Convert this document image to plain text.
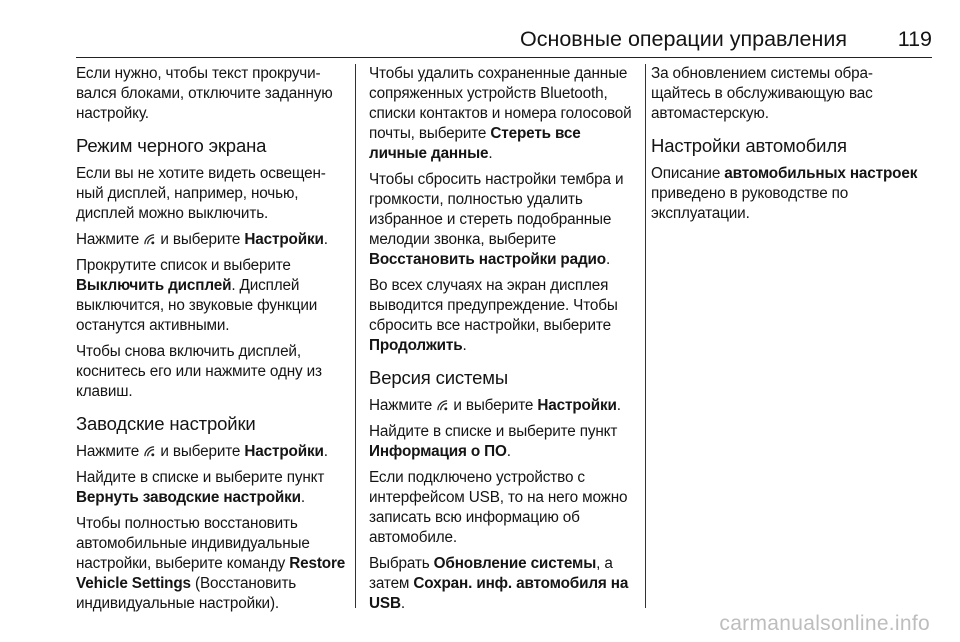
Основные операции управления 119

Если нужно, чтобы текст прокручивался блоками, отключите заданную настройку.

Режим черного экрана

Если вы не хотите видеть освещенный дисплей, например, ночью, дисплей можно выключить.

Нажмите
и выберите Настройки.

Прокрутите список и выберите Выключить дисплей. Дисплей выключится, но звуковые функции останутся активными.

Чтобы снова включить дисплей, коснитесь его или нажмите одну из клавиш.

Заводские настройки

Нажмите
и выберите Настройки.

Найдите в списке и выберите пункт Вернуть заводские настройки.

Чтобы полностью восстановить автомобильные индивидуальные настройки, выберите команду Restore Vehicle Settings (Восстановить индивидуальные настройки).

Чтобы удалить сохраненные данные сопряженных устройств Bluetooth, списки контактов и номера голосовой почты, выберите Стереть все личные данные.

Чтобы сбросить настройки тембра и громкости, полностью удалить избранное и стереть подобранные мелодии звонка, выберите Восстановить настройки радио.

Во всех случаях на экран дисплея выводится предупреждение. Чтобы сбросить все настройки, выберите Продолжить.

Версия системы

Нажмите
и выберите Настройки.

Найдите в списке и выберите пункт Информация о ПО.

Если подключено устройство с интерфейсом USB, то на него можно записать всю информацию об автомобиле.

Выбрать Обновление системы, а затем Сохран. инф. автомобиля на USB.

За обновлением системы обращайтесь в обслуживающую вас автомастерскую.

Настройки автомобиля

Описание автомобильных настроек приведено в руководстве по эксплуатации.

carmanualsonline.info
